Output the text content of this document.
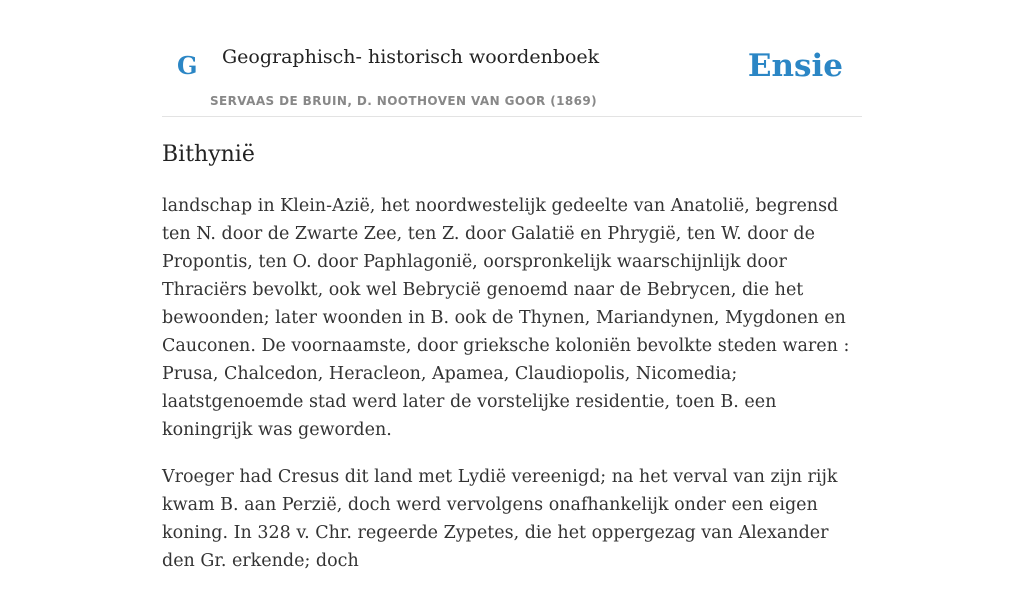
G Geographisch- historisch woordenboek
SERVAAS DE BRUIN, D. NOOTHOVEN VAN GOOR (1869)
Ensie
Bithynië

landschap in Klein-Azië, het noordwestelijk gedeelte van Anatolië, begrensd ten N. door de Zwarte Zee, ten Z. door Galatië en Phrygië, ten W. door de Propontis, ten O. door Paphlagonië, oorspronkelijk waarschijnlijk door Thraciërs bevolkt, ook wel Bebrycië genoemd naar de Bebrycen, die het bewoonden; later woonden in B. ook de Thynen, Mariandynen, Mygdonen en Cauconen. De voornaamste, door grieksche koloniën bevolkte steden waren : Prusa, Chalcedon, Heracleon, Apamea, Claudiopolis, Nicomedia; laatstgenoemde stad werd later de vorstelijke residentie, toen B. een koningrijk was geworden.

Vroeger had Cresus dit land met Lydië vereenigd; na het verval van zijn rijk kwam B. aan Perzië, doch werd vervolgens onafhankelijk onder een eigen koning. In 328 v. Chr. regeerde Zypetes, die het oppergezag van Alexander den Gr. erkende; doch
